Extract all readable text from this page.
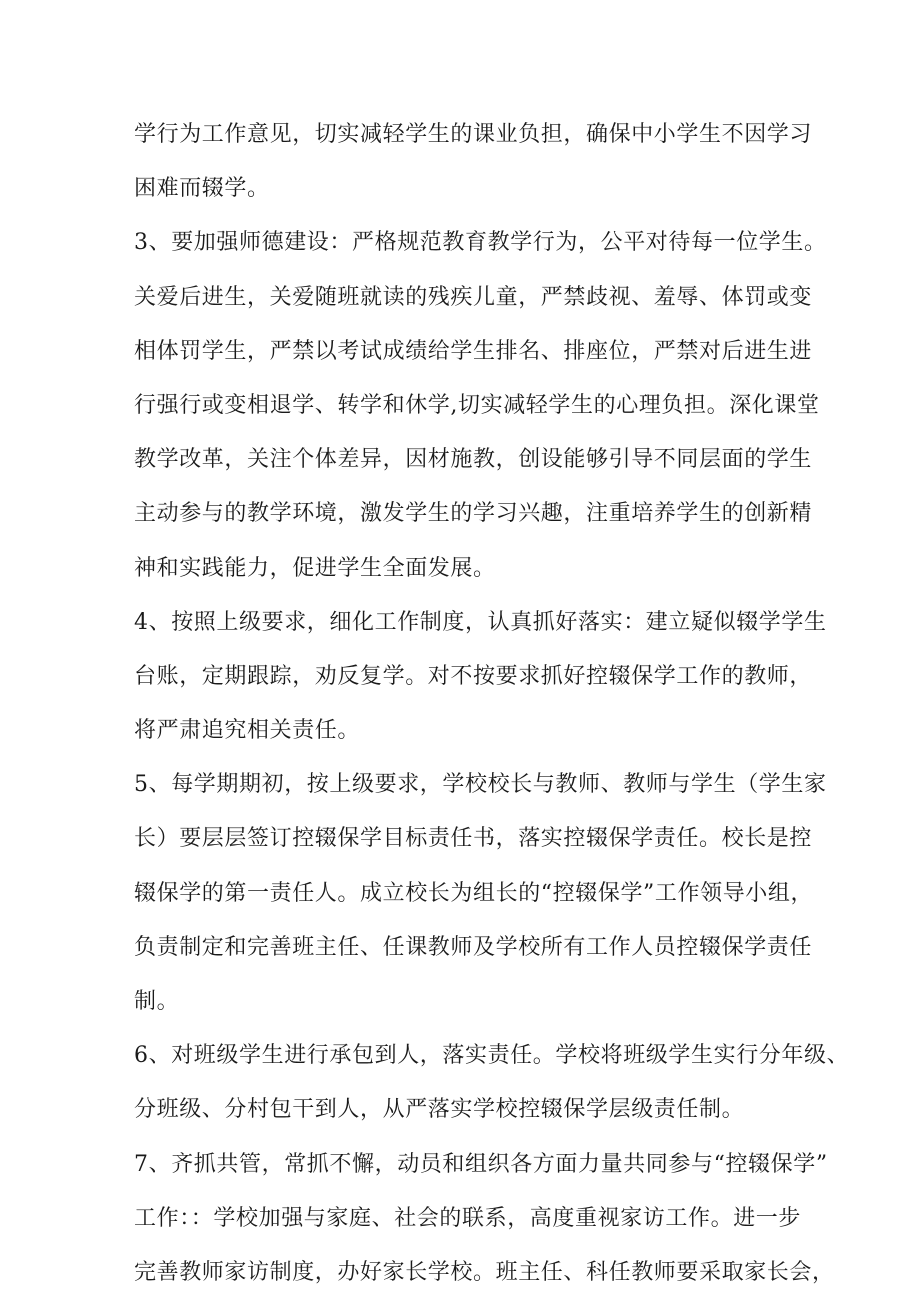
学行为工作意见，切实减轻学生的课业负担，确保中小学生不因学习
困难而辍学。
3、要加强师德建设：严格规范教育教学行为，公平对待每一位学生。
关爱后进生，关爱随班就读的残疾儿童，严禁歧视、羞辱、体罚或变
相体罚学生，严禁以考试成绩给学生排名、排座位，严禁对后进生进
行强行或变相退学、转学和休学,切实减轻学生的心理负担。深化课堂
教学改革，关注个体差异，因材施教，创设能够引导不同层面的学生
主动参与的教学环境，激发学生的学习兴趣，注重培养学生的创新精
神和实践能力，促进学生全面发展。
4、按照上级要求，细化工作制度，认真抓好落实：建立疑似辍学学生
台账，定期跟踪，劝反复学。对不按要求抓好控辍保学工作的教师，
将严肃追究相关责任。
5、每学期期初，按上级要求，学校校长与教师、教师与学生（学生家
长）要层层签订控辍保学目标责任书，落实控辍保学责任。校长是控
辍保学的第一责任人。成立校长为组长的“控辍保学”工作领导小组，
负责制定和完善班主任、任课教师及学校所有工作人员控辍保学责任
制。
6、对班级学生进行承包到人，落实责任。学校将班级学生实行分年级、
分班级、分村包干到人，从严落实学校控辍保学层级责任制。
7、齐抓共管，常抓不懈，动员和组织各方面力量共同参与“控辍保学”
工作：：学校加强与家庭、社会的联系，高度重视家访工作。进一步
完善教师家访制度，办好家长学校。班主任、科任教师要采取家长会，
